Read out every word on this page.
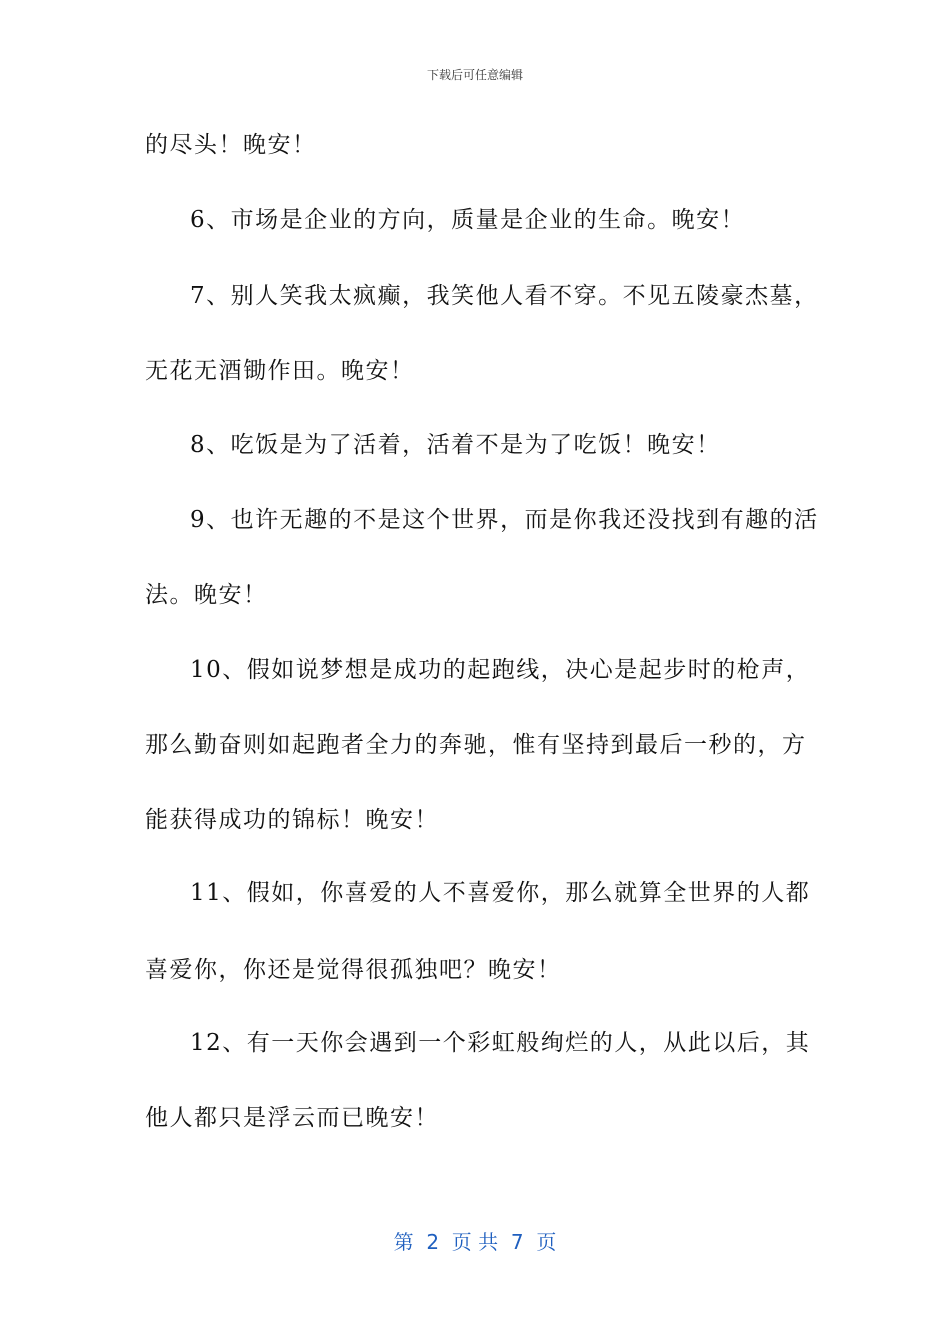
下载后可任意编辑
的尽头！晚安！
6、市场是企业的方向，质量是企业的生命。晚安！
7、别人笑我太疯癫，我笑他人看不穿。不见五陵豪杰墓，
无花无酒锄作田。晚安！
8、吃饭是为了活着，活着不是为了吃饭！晚安！
9、也许无趣的不是这个世界，而是你我还没找到有趣的活
法。晚安！
10、假如说梦想是成功的起跑线，决心是起步时的枪声，
那么勤奋则如起跑者全力的奔驰，惟有坚持到最后一秒的，方
能获得成功的锦标！晚安！
11、假如，你喜爱的人不喜爱你，那么就算全世界的人都
喜爱你，你还是觉得很孤独吧？晚安！
12、有一天你会遇到一个彩虹般绚烂的人，从此以后，其
他人都只是浮云而已晚安！
第  2  页 共  7  页
